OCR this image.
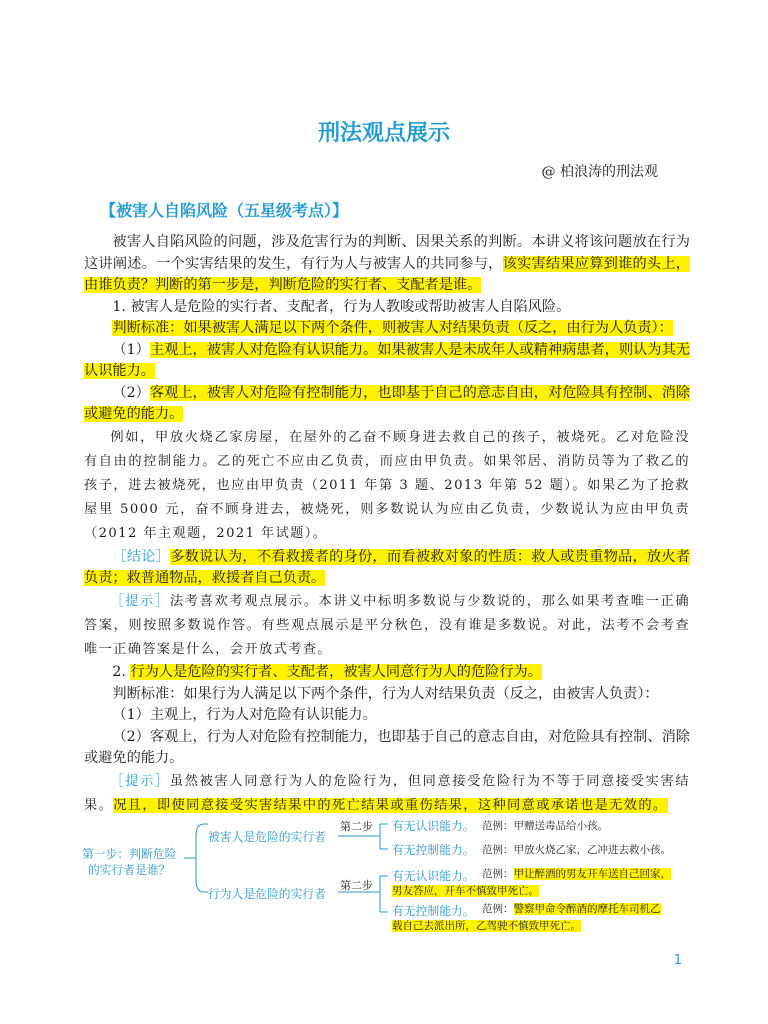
刑法观点展示
@ 柏浪涛的刑法观
【被害人自陷风险（五星级考点）】

被害人自陷风险的问题，涉及危害行为的判断、因果关系的判断。本讲义将该问题放在行为这讲阐述。一个实害结果的发生，有行为人与被害人的共同参与，该实害结果应算到谁的头上，由谁负责？判断的第一步是，判断危险的实行者、支配者是谁。

1. 被害人是危险的实行者、支配者，行为人教唆或帮助被害人自陷风险。

判断标准：如果被害人满足以下两个条件，则被害人对结果负责（反之，由行为人负责）：

（1）主观上，被害人对危险有认识能力。如果被害人是未成年人或精神病患者，则认为其无认识能力。

（2）客观上，被害人对危险有控制能力，也即基于自己的意志自由，对危险具有控制、消除或避免的能力。

例如，甲放火烧乙家房屋，在屋外的乙奋不顾身进去救自己的孩子，被烧死。乙对危险没有自由的控制能力。乙的死亡不应由乙负责，而应由甲负责。如果邻居、消防员等为了救乙的孩子，进去被烧死，也应由甲负责（2011 年第 3 题、2013 年第 52 题）。如果乙为了抢救屋里 5000 元，奋不顾身进去，被烧死，则多数说认为应由乙负责，少数说认为应由甲负责（2012 年主观题，2021 年试题）。

［结论］多数说认为，不看救援者的身份，而看被救对象的性质：救人或贵重物品，放火者负责；救普通物品，救援者自己负责。

［提示］法考喜欢考观点展示。本讲义中标明多数说与少数说的，那么如果考查唯一正确答案，则按照多数说作答。有些观点展示是平分秋色，没有谁是多数说。对此，法考不会考查唯一正确答案是什么，会开放式考查。

2. 行为人是危险的实行者、支配者，被害人同意行为人的危险行为。

判断标准：如果行为人满足以下两个条件，行为人对结果负责（反之，由被害人负责）：

（1）主观上，行为人对危险有认识能力。

（2）客观上，行为人对危险有控制能力，也即基于自己的意志自由，对危险具有控制、消除或避免的能力。

［提示］虽然被害人同意行为人的危险行为，但同意接受危险行为不等于同意接受实害结果。况且，即使同意接受实害结果中的死亡结果或重伤结果，这种同意或承诺也是无效的。

第一步：判断危险
的实行者是谁？
被害人是危险的实行者
行为人是危险的实行者
第二步
第二步
有无认识能力。 范例：甲赠送毒品给小孩。
有无控制能力。 范例：甲放火烧乙家，乙冲进去救小孩。
有无认识能力。 范例：甲让醉酒的男友开车送自己回家，
男友答应，开车不慎致甲死亡。
有无控制能力。 范例：警察甲命令醉酒的摩托车司机乙
载自己去派出所，乙驾驶不慎致甲死亡。
1
